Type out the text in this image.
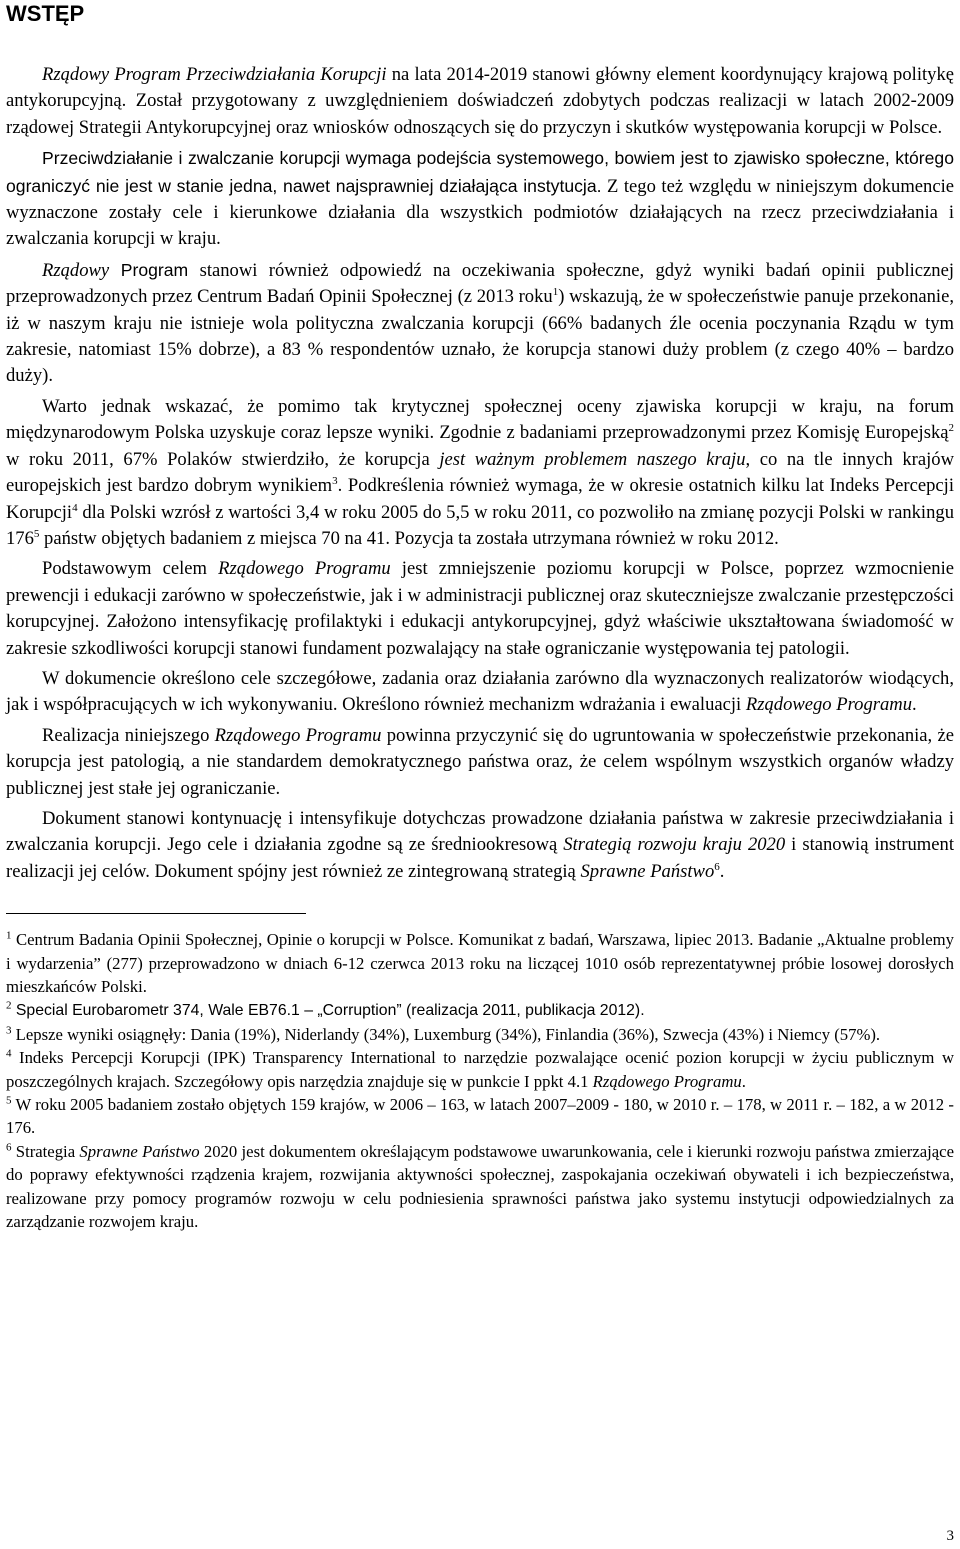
WSTĘP

Rządowy Program Przeciwdziałania Korupcji na lata 2014-2019 stanowi główny element koordynujący krajową politykę antykorupcyjną. Został przygotowany z uwzględnieniem doświadczeń zdobytych podczas realizacji w latach 2002-2009 rządowej Strategii Antykorupcyjnej oraz wniosków odnoszących się do przyczyn i skutków występowania korupcji w Polsce.

Przeciwdziałanie i zwalczanie korupcji wymaga podejścia systemowego, bowiem jest to zjawisko społeczne, którego ograniczyć nie jest w stanie jedna, nawet najsprawniej działająca instytucja. Z tego też względu w niniejszym dokumencie wyznaczone zostały cele i kierunkowe działania dla wszystkich podmiotów działających na rzecz przeciwdziałania i zwalczania korupcji w kraju.

Rządowy Program stanowi również odpowiedź na oczekiwania społeczne, gdyż wyniki badań opinii publicznej przeprowadzonych przez Centrum Badań Opinii Społecznej (z 2013 roku$^1$) wskazują, że w społeczeństwie panuje przekonanie, iż w naszym kraju nie istnieje wola polityczna zwalczania korupcji (66% badanych źle ocenia poczynania Rządu w tym zakresie, natomiast 15% dobrze), a 83 % respondentów uznało, że korupcja stanowi duży problem (z czego 40% – bardzo duży).

Warto jednak wskazać, że pomimo tak krytycznej społecznej oceny zjawiska korupcji w kraju, na forum międzynarodowym Polska uzyskuje coraz lepsze wyniki. Zgodnie z badaniami przeprowadzonymi przez Komisję Europejską$^2$ w roku 2011, 67% Polaków stwierdziło, że korupcja jest ważnym problemem naszego kraju, co na tle innych krajów europejskich jest bardzo dobrym wynikiem$^3$. Podkreślenia również wymaga, że w okresie ostatnich kilku lat Indeks Percepcji Korupcji$^4$ dla Polski wzrósł z wartości 3,4 w roku 2005 do 5,5 w roku 2011, co pozwoliło na zmianę pozycji Polski w rankingu $176^5$ państw objętych badaniem z miejsca 70 na 41. Pozycja ta została utrzymana również w roku 2012.

Podstawowym celem Rządowego Programu jest zmniejszenie poziomu korupcji w Polsce, poprzez wzmocnienie prewencji i edukacji zarówno w społeczeństwie, jak i w administracji publicznej oraz skuteczniejsze zwalczanie przestępczości korupcyjnej. Założono intensyfikację profilaktyki i edukacji antykorupcyjnej, gdyż właściwie ukształtowana świadomość w zakresie szkodliwości korupcji stanowi fundament pozwalający na stałe ograniczanie występowania tej patologii.

W dokumencie określono cele szczegółowe, zadania oraz działania zarówno dla wyznaczonych realizatorów wiodących, jak i współpracujących w ich wykonywaniu. Określono również mechanizm wdrażania i ewaluacji Rządowego Programu.

Realizacja niniejszego Rządowego Programu powinna przyczynić się do ugruntowania w społeczeństwie przekonania, że korupcja jest patologią, a nie standardem demokratycznego państwa oraz, że celem wspólnym wszystkich organów władzy publicznej jest stałe jej ograniczanie.

Dokument stanowi kontynuację i intensyfikuje dotychczas prowadzone działania państwa w zakresie przeciwdziałania i zwalczania korupcji. Jego cele i działania zgodne są ze średniookresową Strategią rozwoju kraju 2020 i stanowią instrument realizacji jej celów. Dokument spójny jest również ze zintegrowaną strategią Sprawne Państwo$^6$.

$^1$ Centrum Badania Opinii Społecznej, Opinie o korupcji w Polsce. Komunikat z badań, Warszawa, lipiec 2013. Badanie „Aktualne problemy i wydarzenia” (277) przeprowadzono w dniach 6-12 czerwca 2013 roku na liczącej 1010 osób reprezentatywnej próbie losowej dorosłych mieszkańców Polski.

$^2$ Special Eurobarometr 374, Wale EB76.1 – „Corruption” (realizacja 2011, publikacja 2012).

$^3$ Lepsze wyniki osiągnęły: Dania (19%), Niderlandy (34%), Luxemburg (34%), Finlandia (36%), Szwecja (43%) i Niemcy (57%).

$^4$ Indeks Percepcji Korupcji (IPK) Transparency International to narzędzie pozwalające ocenić pozion korupcji w życiu publicznym w poszczególnych krajach. Szczegółowy opis narzędzia znajduje się w punkcie I ppkt 4.1 Rządowego Programu.

$^5$ W roku 2005 badaniem zostało objętych 159 krajów, w 2006 – 163, w latach 2007–2009 - 180, w 2010 r. – 178, w 2011 r. – 182, a w 2012 - 176.

$^6$ Strategia Sprawne Państwo 2020 jest dokumentem określającym podstawowe uwarunkowania, cele i kierunki rozwoju państwa zmierzające do poprawy efektywności rządzenia krajem, rozwijania aktywności społecznej, zaspokajania oczekiwań obywateli i ich bezpieczeństwa, realizowane przy pomocy programów rozwoju w celu podniesienia sprawności państwa jako systemu instytucji odpowiedzialnych za zarządzanie rozwojem kraju.

3
